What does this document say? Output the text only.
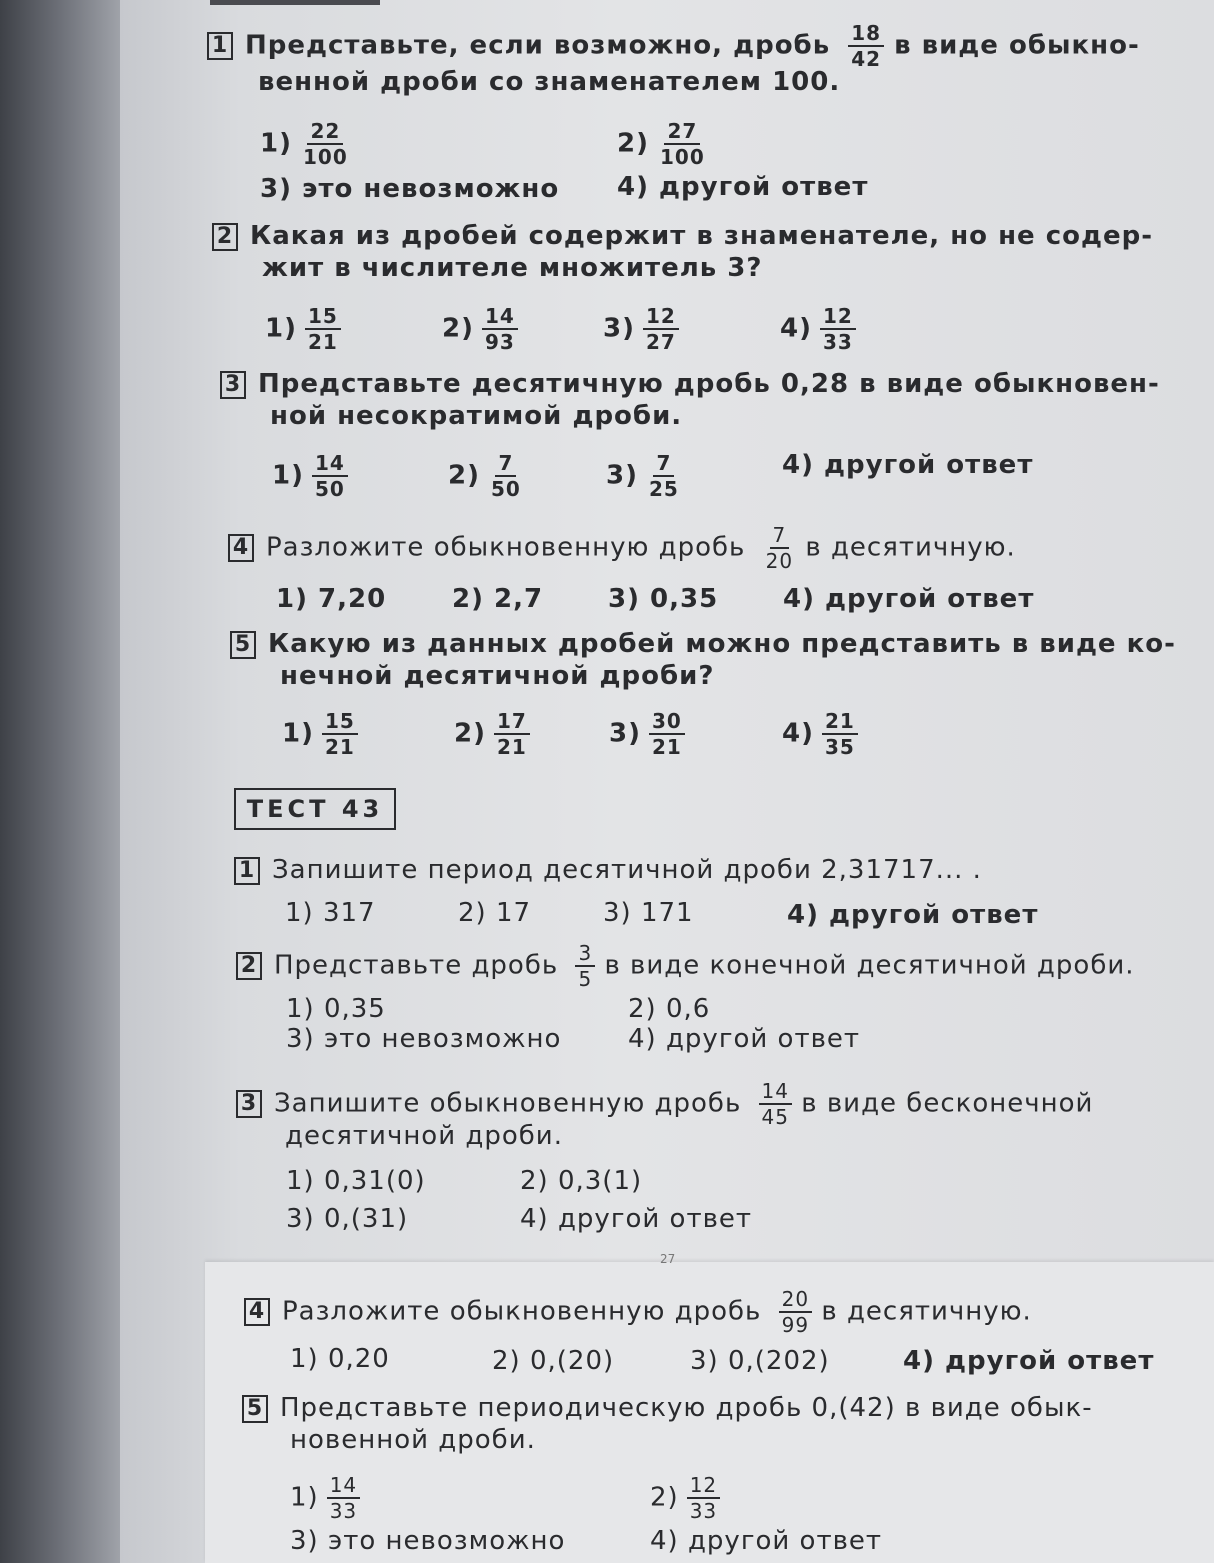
1 Представьте, если возможно, дробь $\frac{18}{42}$ в виде обыкно-
венной дроби со знаменателем 100.
$1) \frac{22}{100}$	$2) \frac{27}{100}$
3) это невозможно 4) другой ответ
2 Какая из дробей содержит в знаменателе, но не содер-
жит в числителе множитель 3?
$1) \frac{15}{21}$	$2) \frac{14}{93}$	$3) \frac{12}{27}$	$4) \frac{12}{33}$
3 Представьте десятичную дробь 0,28 в виде обыкновен-
ной несократимой дроби.
$1) \frac{14}{50}$	$2) \frac{7}{50}$	$3) \frac{7}{25}$	4) другой ответ
4 Разложите обыкновенную дробь $\frac{7}{20}$ в десятичную.
1) 7,20	2) 2,7 3) 0,35 4) другой ответ
5 Какую из данных дробей можно представить в виде ко-
нечной десятичной дроби?
$1) \frac{15}{21}$	$2) \frac{17}{21}$	$3) \frac{30}{21}$	$4) \frac{21}{35}$
ТЕСТ 43
1 Запишите период десятичной дроби 2,31717... .
1) 317	2) 17	3) 171	4) другой ответ
2 Представьте дробь $\frac{3}{5}$ в виде конечной десятичной дроби.
1) 0,35	2) 0,6
3) это невозможно	4) другой ответ
3 Запишите обыкновенную дробь $\frac{14}{45}$ в виде бесконечной
десятичной дроби.
1) 0,31(0)	2) 0,3(1)
3) 0,(31)	4) другой ответ
27
4 Разложите обыкновенную дробь $\frac{20}{99}$ в десятичную.
1) 0,20	2) 0,(20)	3) 0,(202)	4) другой ответ
5 Представьте периодическую дробь 0,(42) в виде обык-
новенной дроби.
$1) \frac{14}{33}$	$2) \frac{12}{33}$
3) это невозможно	4) другой ответ
